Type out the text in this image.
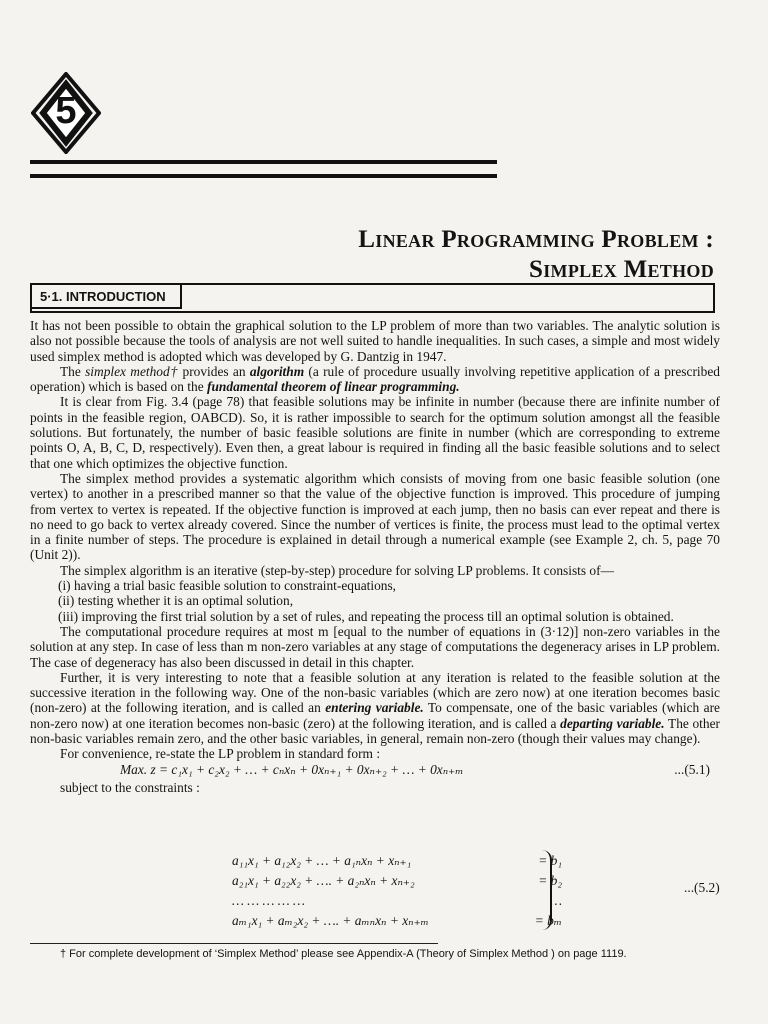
5
Linear Programming Problem :
Simplex Method
5·1. INTRODUCTION

It has not been possible to obtain the graphical solution to the LP problem of more than two variables. The analytic solution is also not possible because the tools of analysis are not well suited to handle inequalities. In such cases, a simple and most widely used simplex method is adopted which was developed by G. Dantzig in 1947.

The simplex method† provides an algorithm (a rule of procedure usually involving repetitive application of a prescribed operation) which is based on the fundamental theorem of linear programming.

It is clear from Fig. 3.4 (page 78) that feasible solutions may be infinite in number (because there are infinite number of points in the feasible region, OABCD). So, it is rather impossible to search for the optimum solution amongst all the feasible solutions. But fortunately, the number of basic feasible solutions are finite in number (which are corresponding to extreme points O, A, B, C, D, respectively). Even then, a great labour is required in finding all the basic feasible solutions and to select that one which optimizes the objective function.

The simplex method provides a systematic algorithm which consists of moving from one basic feasible solution (one vertex) to another in a prescribed manner so that the value of the objective function is improved. This procedure of jumping from vertex to vertex is repeated. If the objective function is improved at each jump, then no basis can ever repeat and there is no need to go back to vertex already covered. Since the number of vertices is finite, the process must lead to the optimal vertex in a finite number of steps. The procedure is explained in detail through a numerical example (see Example 2, ch. 5, page 70 (Unit 2)).

The simplex algorithm is an iterative (step-by-step) procedure for solving LP problems. It consists of—

(i) having a trial basic feasible solution to constraint-equations,
(ii) testing whether it is an optimal solution,
(iii) improving the first trial solution by a set of rules, and repeating the process till an optimal solution is obtained.

The computational procedure requires at most m [equal to the number of equations in (3·12)] non-zero variables in the solution at any step. In case of less than m non-zero variables at any stage of computations the degeneracy arises in LP problem. The case of degeneracy has also been discussed in detail in this chapter.

Further, it is very interesting to note that a feasible solution at any iteration is related to the feasible solution at the successive iteration in the following way. One of the non-basic variables (which are zero now) at one iteration becomes basic (non-zero) at the following iteration, and is called an entering variable. To compensate, one of the basic variables (which are non-zero now) at one iteration becomes non-basic (zero) at the following iteration, and is called a departing variable. The other non-basic variables remain zero, and the other basic variables, in general, remain non-zero (though their values may change).

For convenience, re-state the LP problem in standard form :

Max. z = c₁x₁ + c₂x₂ + … + cₙxₙ + 0xₙ₊₁ + 0xₙ₊₂ + … + 0xₙ₊ₘ	...(5.1)

subject to the constraints :

a₁₁x₁ + a₁₂x₂ + … + a₁ₙxₙ + xₙ₊₁	= b₁
a₂₁x₁ + a₂₂x₂ + …. + a₂ₙxₙ + xₙ₊₂	= b₂
… … … … …	…
aₘ₁x₁ + aₘ₂x₂ + …. + aₘₙxₙ + xₙ₊ₘ	= bₘ
...(5.2)
† For complete development of ‘Simplex Method’ please see Appendix-A (Theory of Simplex Method ) on page 1119.
